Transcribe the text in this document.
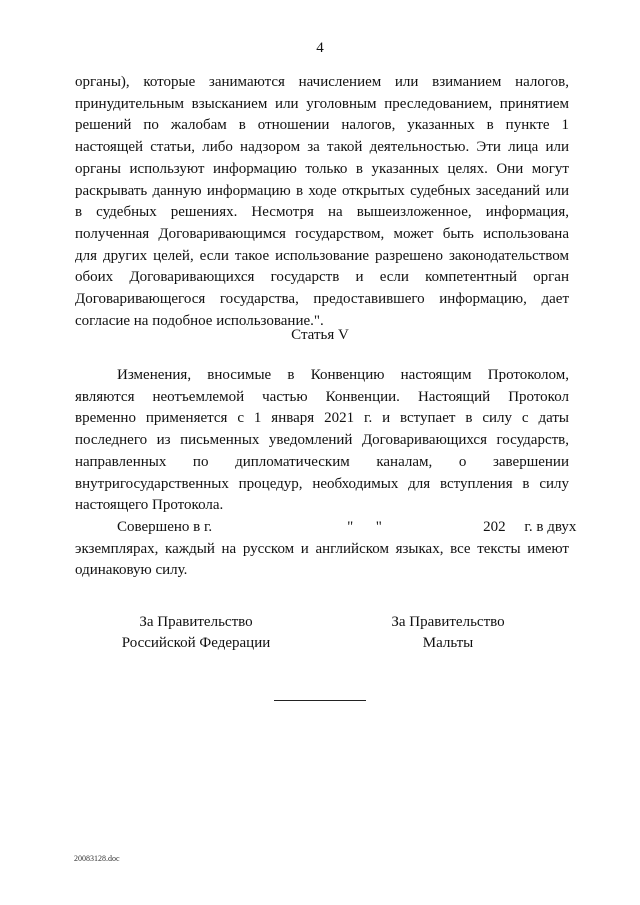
4
органы), которые занимаются начислением или взиманием налогов,
принудительным взысканием или уголовным преследованием, принятием
решений по жалобам в отношении налогов, указанных в пункте 1
настоящей статьи, либо надзором за такой деятельностью. Эти лица или
органы используют информацию только в указанных целях. Они могут
раскрывать данную информацию в ходе открытых судебных заседаний или
в судебных решениях. Несмотря на вышеизложенное, информация,
полученная Договаривающимся государством, может быть использована
для других целей, если такое использование разрешено законодательством
обоих Договаривающихся государств и если компетентный орган
Договаривающегося государства, предоставившего информацию, дает
согласие на подобное использование.".
Статья V
Изменения, вносимые в Конвенцию настоящим Протоколом,
являются неотъемлемой частью Конвенции. Настоящий Протокол
временно применяется с 1 января 2021 г. и вступает в силу с даты
последнего из письменных уведомлений Договаривающихся государств,
направленных по дипломатическим каналам, о завершении
внутригосударственных процедур, необходимых для вступления в силу
настоящего Протокола.
Совершено в г.                                    "      "                           202     г. в двух
экземплярах, каждый на русском и английском языках, все тексты имеют
одинаковую силу.
За Правительство
Российской Федерации
За Правительство
Мальты
20083128.doc
